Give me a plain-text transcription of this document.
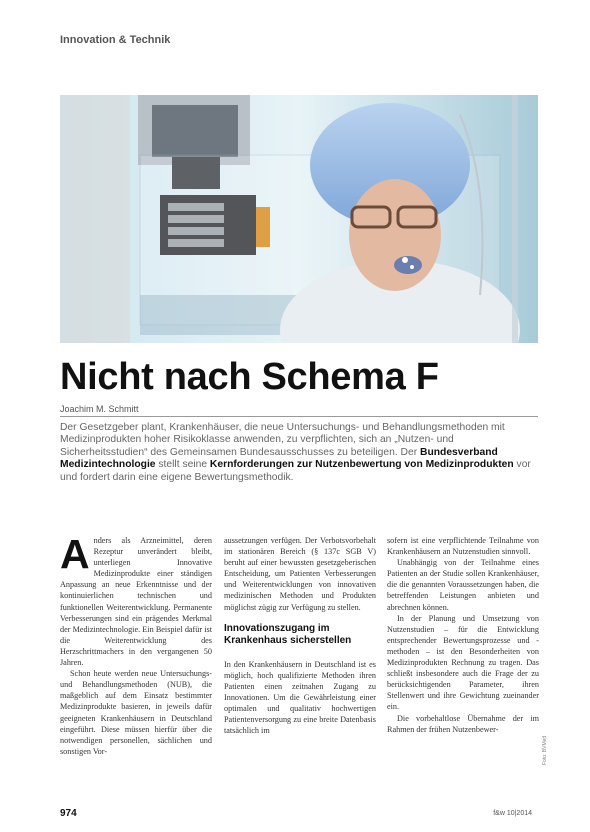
Innovation & Technik
Nicht nach Schema F
Joachim M. Schmitt
Der Gesetzgeber plant, Krankenhäuser, die neue Untersuchungs- und Behandlungsmethoden mit Medizinprodukten hoher Risikoklasse anwenden, zu verpflichten, sich an „Nutzen- und Sicherheitsstudien“ des Gemeinsamen Bundesausschusses zu beteiligen. Der Bundesverband Medizintechnologie stellt seine Kernforderungen zur Nutzenbewertung von Medizinprodukten vor und fordert darin eine eigene Bewertungsmethodik.

Anders als Arzneimittel, deren Rezeptur unverändert bleibt, unterliegen Innovative Medizinprodukte einer ständigen Anpassung an neue Erkenntnisse und der kontinuierlichen technischen und funktionellen Weiterentwicklung. Permanente Verbesserungen sind ein prägendes Merkmal der Medizintechnologie. Ein Beispiel dafür ist die Weiterentwicklung des Herzschrittmachers in den vergangenen 50 Jahren.

Schon heute werden neue Untersuchungs- und Behandlungsmethoden (NUB), die maßgeblich auf dem Einsatz bestimmter Medizinprodukte basieren, in jeweils dafür geeigneten Krankenhäusern in Deutschland eingeführt. Diese müssen hierfür über die notwendigen personellen, sächlichen und sonstigen Vor-

aussetzungen verfügen. Der Verbotsvorbehalt im stationären Bereich (§ 137c SGB V) beruht auf einer bewussten gesetzgeberischen Entscheidung, um Patienten Verbesserungen und Weiterentwicklungen von innovativen medizinischen Methoden und Produkten möglichst zügig zur Verfügung zu stellen.

Innovationszugang im Krankenhaus sicherstellen

In den Krankenhäusern in Deutschland ist es möglich, hoch qualifizierte Methoden ihren Patienten einen zeitnahen Zugang zu Innovationen. Um die Gewährleistung einer optimalen und qualitativ hochwertigen Patientenversorgung zu eine breite Datenbasis tatsächlich im

sofern ist eine verpflichtende Teilnahme von Krankenhäusern an Nutzenstudien sinnvoll.

Unabhängig von der Teilnahme eines Patienten an der Studie sollen Krankenhäuser, die die genannten Voraussetzungen haben, die betreffenden Leistungen anbieten und abrechnen können.

In der Planung und Umsetzung von Nutzenstudien – für die Entwicklung entsprechender Bewertungsprozesse und -methoden – ist den Besonderheiten von Medizinprodukten Rechnung zu tragen. Das schließt insbesondere auch die Frage der zu berücksichtigenden Parameter, ihren Stellenwert und ihre Gewichtung zueinander ein.

Die vorbehaltlose Übernahme der im Rahmen der frühen Nutzenbewer-

Foto: BVMed
974	f&w 10|2014
